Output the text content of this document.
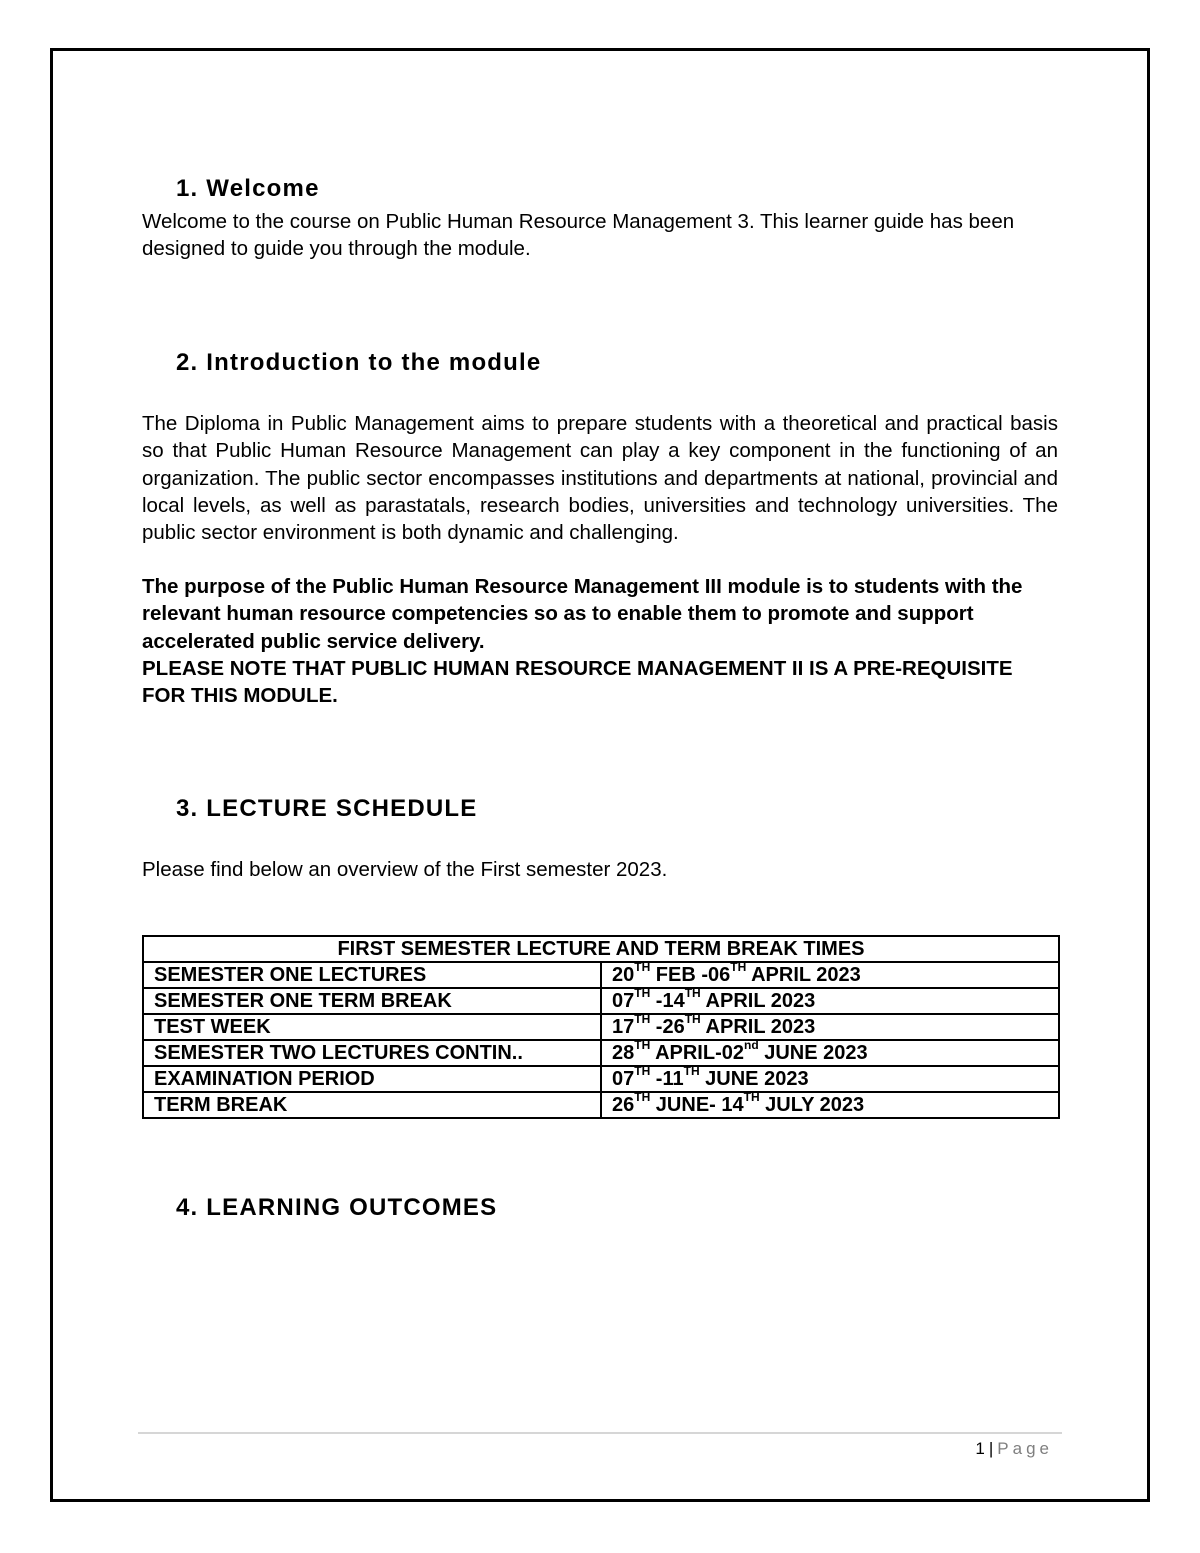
1. Welcome

Welcome to the course on Public Human Resource Management 3. This learner guide has been designed to guide you through the module.

2. Introduction to the module

The Diploma in Public Management aims to prepare students with a theoretical and practical basis so that Public Human Resource Management can play a key component in the functioning of an organization. The public sector encompasses institutions and departments at national, provincial and local levels, as well as parastatals, research bodies, universities and technology universities. The public sector environment is both dynamic and challenging.

The purpose of the Public Human Resource Management III module is to students with the relevant human resource competencies so as to enable them to promote and support accelerated public service delivery.

PLEASE NOTE THAT PUBLIC HUMAN RESOURCE MANAGEMENT II IS A PRE-REQUISITE FOR THIS MODULE.

3. LECTURE SCHEDULE

Please find below an overview of the First semester 2023.

FIRST SEMESTER LECTURE AND TERM BREAK TIMES	
SEMESTER ONE LECTURES	20TH FEB -06TH APRIL 2023
SEMESTER ONE TERM BREAK	07TH -14TH APRIL 2023
TEST WEEK	17TH -26TH APRIL 2023
SEMESTER TWO LECTURES CONTIN..	28TH APRIL-02nd JUNE 2023
EXAMINATION PERIOD	07TH -11TH JUNE 2023
TERM BREAK	26TH JUNE- 14TH JULY 2023
4. LEARNING OUTCOMES
1 | Page
